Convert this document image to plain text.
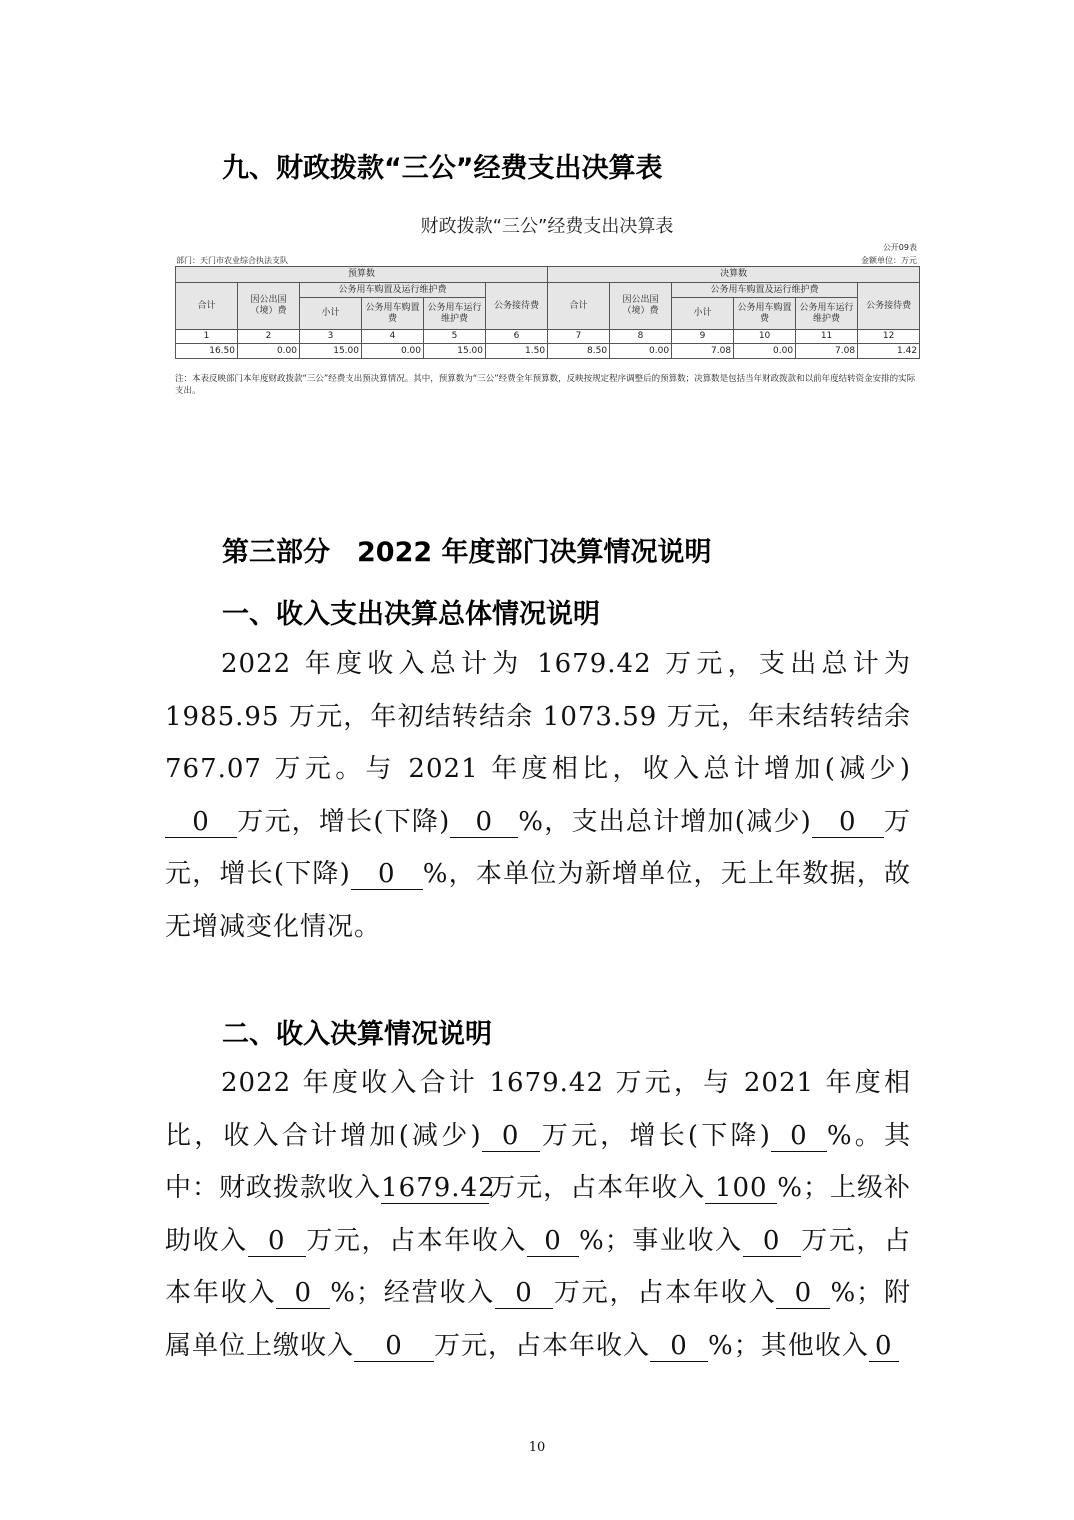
九、财政拨款“三公”经费支出决算表
财政拨款“三公”经费支出决算表
公开09表
部门：天门市农业综合执法支队	金额单位：万元
预算数						决算数					
合计	因公出国（境）费	公务用车购置及运行维护费			公务接待费	合计	因公出国（境）费	公务用车购置及运行维护费			公务接待费
		小计	公务用车购置费	公务用车运行维护费				小计	公务用车购置费	公务用车运行维护费	
1	2	3	4	5	6	7	8	9	10	11	12
16.50	0.00	15.00	0.00	15.00	1.50	8.50	0.00	7.08	0.00	7.08	1.42
注：本表反映部门本年度财政拨款“三公”经费支出预决算情况。其中，预算数为“三公”经费全年预算数，反映按规定程序调整后的预算数；决算数是包括当年财政拨款和以前年度结转资金安排的实际支出。
第三部分　2022 年度部门决算情况说明
一、收入支出决算总体情况说明
2022 年度收入总计为 1679.42 万元，支出总计为 1985.95 万元，年初结转结余 1073.59 万元，年末结转结余 767.07 万元。与 2021 年度相比，收入总计增加(减少)0 万元，增长(下降) 0 %，支出总计增加(减少) 0 万元，增长(下降) 0 %，本单位为新增单位，无上年数据，故无增减变化情况。
二、收入决算情况说明
2022 年度收入合计 1679.42 万元，与 2021 年度相比，收入合计增加(减少) 0 万元，增长(下降) 0 %。其中：财政拨款收入1679.42万元，占本年收入 100 %；上级补助收入 0 万元，占本年收入 0 %；事业收入 0 万元，占本年收入 0 %；经营收入 0 万元，占本年收入 0 %；附属单位上缴收入 0 万元，占本年收入 0 %；其他收入 0
10
